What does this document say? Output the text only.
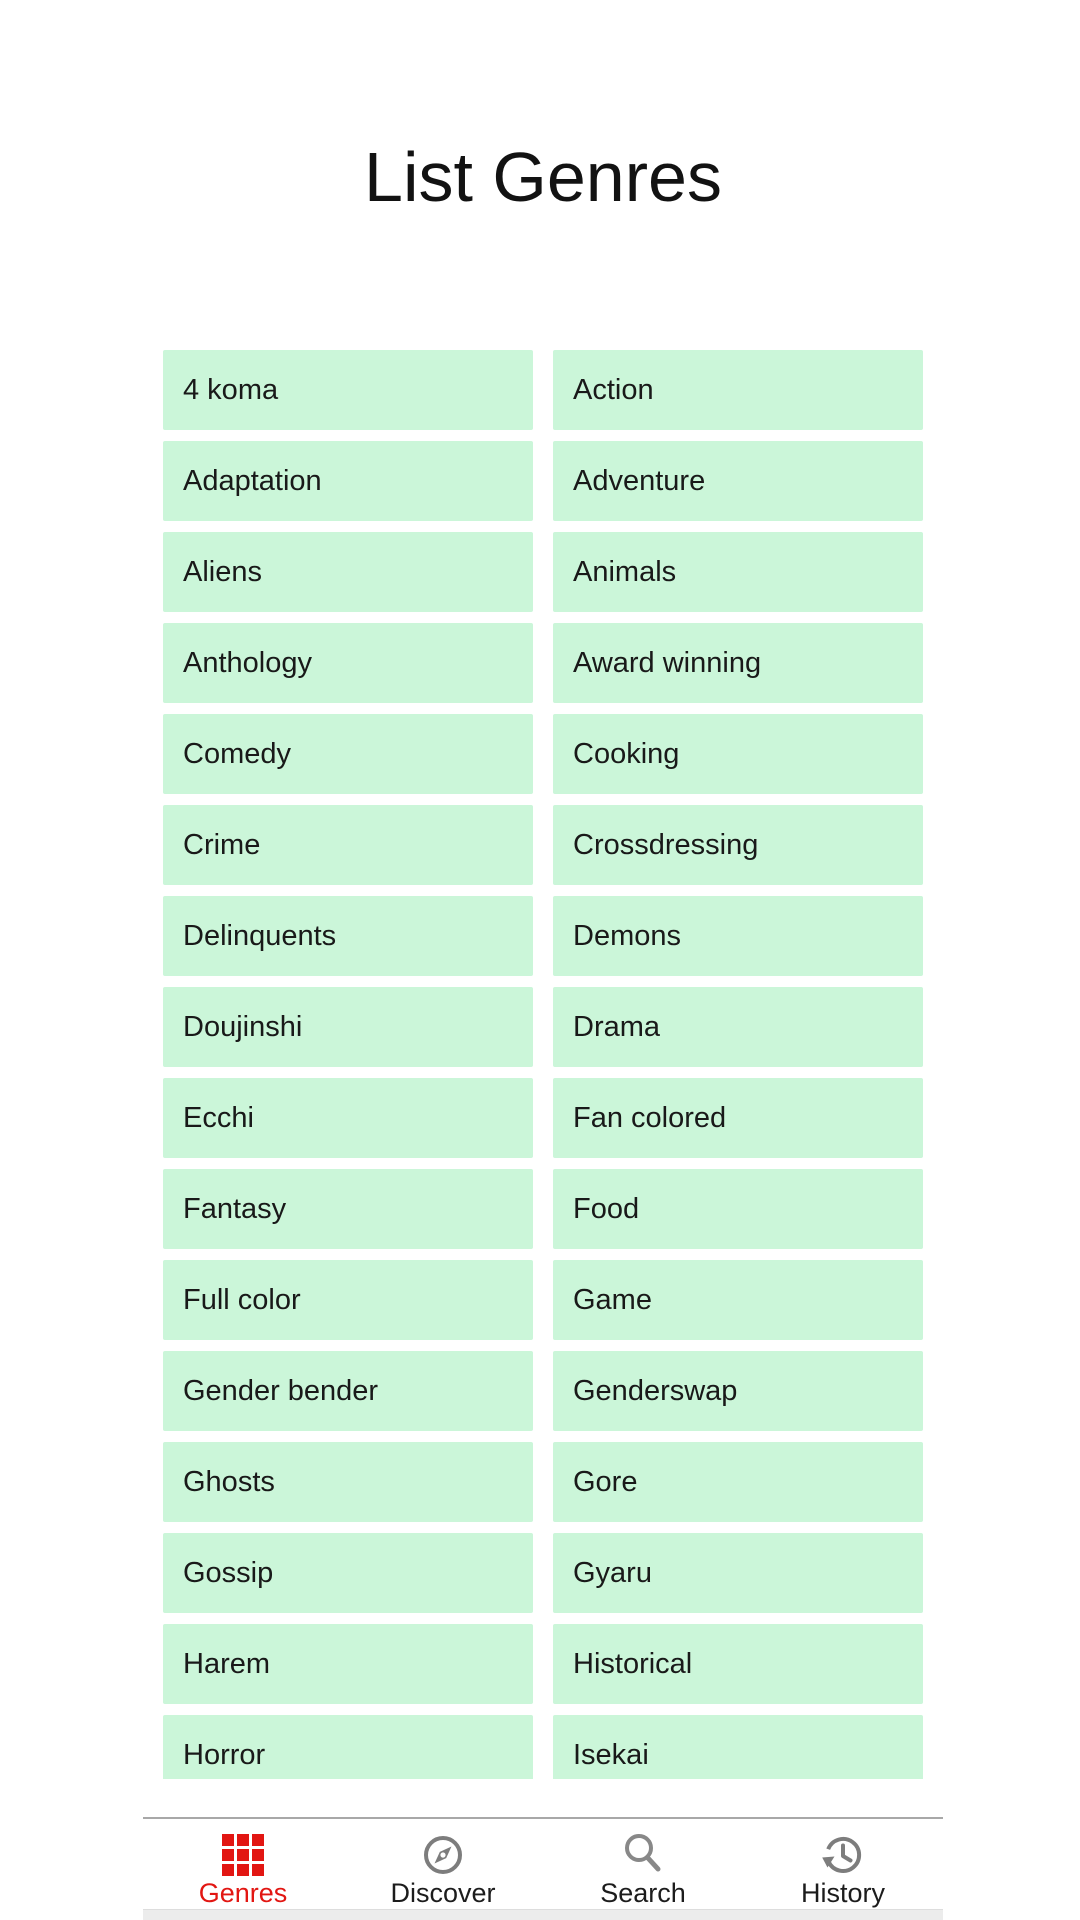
List Genres
4 koma	Action
Adaptation	Adventure
Aliens	Animals
Anthology	Award winning
Comedy	Cooking
Crime	Crossdressing
Delinquents	Demons
Doujinshi	Drama
Ecchi	Fan colored
Fantasy	Food
Full color	Game
Gender bender	Genderswap
Ghosts	Gore
Gossip	Gyaru
Harem	Historical
Horror	Isekai
Genres	Discover	Search	History
